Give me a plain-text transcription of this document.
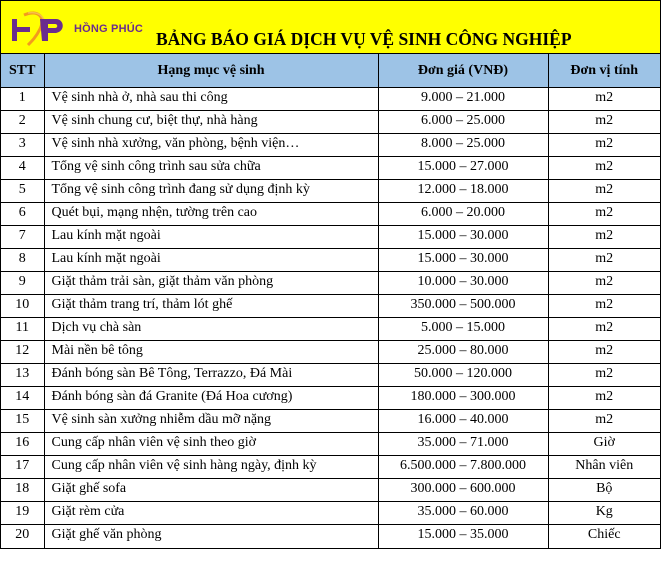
HỒNG PHÚC BẢNG BÁO GIÁ DỊCH VỤ VỆ SINH CÔNG NGHIỆP
STT	Hạng mục vệ sinh	Đơn giá (VNĐ)	Đơn vị tính
1	Vệ sinh nhà ở, nhà sau thi công	9.000 – 21.000	m2
2	Vệ sinh chung cư, biệt thự, nhà hàng	6.000 – 25.000	m2
3	Vệ sinh nhà xưởng, văn phòng, bệnh viện…	8.000 – 25.000	m2
4	Tổng vệ sinh công trình sau sửa chữa	15.000 – 27.000	m2
5	Tổng vệ sinh công trình đang sử dụng định kỳ	12.000 – 18.000	m2
6	Quét bụi, mạng nhện, tường trên cao	6.000 – 20.000	m2
7	Lau kính mặt ngoài	15.000 – 30.000	m2
8	Lau kính mặt ngoài	15.000 – 30.000	m2
9	Giặt thảm trải sàn, giặt thảm văn phòng	10.000 – 30.000	m2
10	Giặt thảm trang trí, thảm lót ghế	350.000 – 500.000	m2
11	Dịch vụ chà sàn	5.000 – 15.000	m2
12	Mài nền bê tông	25.000 – 80.000	m2
13	Đánh bóng sàn Bê Tông, Terrazzo, Đá Mài	50.000 – 120.000	m2
14	Đánh bóng sàn đá Granite (Đá Hoa cương)	180.000 – 300.000	m2
15	Vệ sinh sàn xưởng nhiễm dầu mỡ nặng	16.000 – 40.000	m2
16	Cung cấp nhân viên vệ sinh theo giờ	35.000 – 71.000	Giờ
17	Cung cấp nhân viên vệ sinh hàng ngày, định kỳ	6.500.000 – 7.800.000	Nhân viên
18	Giặt ghế sofa	300.000 – 600.000	Bộ
19	Giặt rèm cửa	35.000 – 60.000	Kg
20	Giặt ghế văn phòng	15.000 – 35.000	Chiếc
